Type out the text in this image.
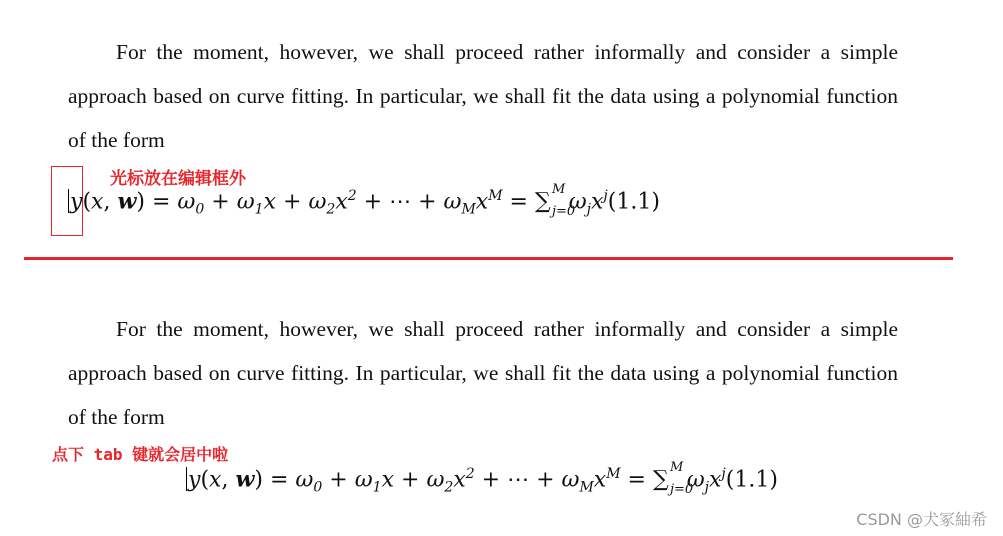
For the moment, however, we shall proceed rather informally and consider a simple approach based on curve fitting. In particular, we shall fit the data using a polynomial function of the form

光标放在编辑框外
y(x, $w) = \omega_0 + \omega_1x + \omega_2x^2$ + ⋯ + $\omega_Mx^M$ = ∑ M
j=0
$\omega_jx^j(1.1)$

For the moment, however, we shall proceed rather informally and consider a simple approach based on curve fitting. In particular, we shall fit the data using a polynomial function of the form

点下 tab 键就会居中啦
y(x, $w) = \omega_0 + \omega_1x + \omega_2x^2$ + ⋯ + $\omega_Mx^M$ = ∑ M
j=0
$\omega_jx^j(1.1)$
CSDN @犬冢紬希
